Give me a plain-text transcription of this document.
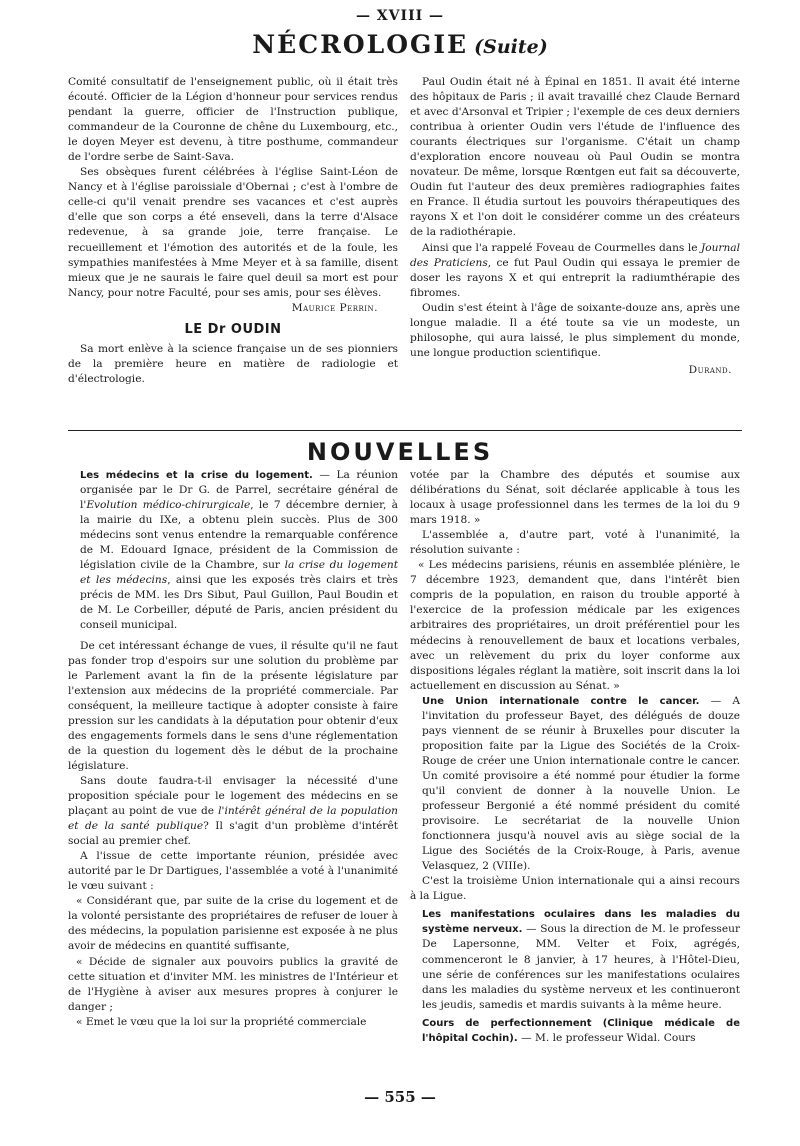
— XVIII —
NÉCROLOGIE (Suite)

Comité consultatif de l'enseignement public, où il était très écouté. Officier de la Légion d'honneur pour services rendus pendant la guerre, officier de l'Instruction publique, commandeur de la Couronne de chêne du Luxembourg, etc., le doyen Meyer est devenu, à titre posthume, commandeur de l'ordre serbe de Saint-Sava.

Ses obsèques furent célébrées à l'église Saint-Léon de Nancy et à l'église paroissiale d'Obernai ; c'est à l'ombre de celle-ci qu'il venait prendre ses vacances et c'est auprès d'elle que son corps a été enseveli, dans la terre d'Alsace redevenue, à sa grande joie, terre française. Le recueillement et l'émotion des autorités et de la foule, les sympathies manifestées à Mme Meyer et à sa famille, disent mieux que je ne saurais le faire quel deuil sa mort est pour Nancy, pour notre Faculté, pour ses amis, pour ses élèves.

Maurice Perrin.
LE Dr OUDIN

Sa mort enlève à la science française un de ses pionniers de la première heure en matière de radiologie et d'électrologie.

Paul Oudin était né à Épinal en 1851. Il avait été interne des hôpitaux de Paris ; il avait travaillé chez Claude Bernard et avec d'Arsonval et Tripier ; l'exemple de ces deux derniers contribua à orienter Oudin vers l'étude de l'influence des courants électriques sur l'organisme. C'était un champ d'exploration encore nouveau où Paul Oudin se montra novateur. De même, lorsque Rœntgen eut fait sa découverte, Oudin fut l'auteur des deux premières radiographies faites en France. Il étudia surtout les pouvoirs thérapeutiques des rayons X et l'on doit le considérer comme un des créateurs de la radiothérapie.

Ainsi que l'a rappelé Foveau de Courmelles dans le Journal des Praticiens, ce fut Paul Oudin qui essaya le premier de doser les rayons X et qui entreprit la radiumthérapie des fibromes.

Oudin s'est éteint à l'âge de soixante-douze ans, après une longue maladie. Il a été toute sa vie un modeste, un philosophe, qui aura laissé, le plus simplement du monde, une longue production scientifique.

Durand.
NOUVELLES

Les médecins et la crise du logement. — La réunion organisée par le Dr G. de Parrel, secrétaire général de l'Evolution médico-chirurgicale, le 7 décembre dernier, à la mairie du IXe, a obtenu plein succès. Plus de 300 médecins sont venus entendre la remarquable conférence de M. Edouard Ignace, président de la Commission de législation civile de la Chambre, sur la crise du logement et les médecins, ainsi que les exposés très clairs et très précis de MM. les Drs Sibut, Paul Guillon, Paul Boudin et de M. Le Corbeiller, député de Paris, ancien président du conseil municipal.

De cet intéressant échange de vues, il résulte qu'il ne faut pas fonder trop d'espoirs sur une solution du problème par le Parlement avant la fin de la présente législature par l'extension aux médecins de la propriété commerciale. Par conséquent, la meilleure tactique à adopter consiste à faire pression sur les candidats à la députation pour obtenir d'eux des engagements formels dans le sens d'une réglementation de la question du logement dès le début de la prochaine législature.

Sans doute faudra-t-il envisager la nécessité d'une proposition spéciale pour le logement des médecins en se plaçant au point de vue de l'intérêt général de la population et de la santé publique? Il s'agit d'un problème d'intérêt social au premier chef.

A l'issue de cette importante réunion, présidée avec autorité par le Dr Dartigues, l'assemblée a voté à l'unanimité le vœu suivant :

« Considérant que, par suite de la crise du logement et de la volonté persistante des propriétaires de refuser de louer à des médecins, la population parisienne est exposée à ne plus avoir de médecins en quantité suffisante,

« Décide de signaler aux pouvoirs publics la gravité de cette situation et d'inviter MM. les ministres de l'Intérieur et de l'Hygiène à aviser aux mesures propres à conjurer le danger ;

« Emet le vœu que la loi sur la propriété commerciale

votée par la Chambre des députés et soumise aux délibérations du Sénat, soit déclarée applicable à tous les locaux à usage professionnel dans les termes de la loi du 9 mars 1918. »

L'assemblée a, d'autre part, voté à l'unanimité, la résolution suivante :

« Les médecins parisiens, réunis en assemblée plénière, le 7 décembre 1923, demandent que, dans l'intérêt bien compris de la population, en raison du trouble apporté à l'exercice de la profession médicale par les exigences arbitraires des propriétaires, un droit préférentiel pour les médecins à renouvellement de baux et locations verbales, avec un relèvement du prix du loyer conforme aux dispositions légales réglant la matière, soit inscrit dans la loi actuellement en discussion au Sénat. »

Une Union internationale contre le cancer. — A l'invitation du professeur Bayet, des délégués de douze pays viennent de se réunir à Bruxelles pour discuter la proposition faite par la Ligue des Sociétés de la Croix-Rouge de créer une Union internationale contre le cancer. Un comité provisoire a été nommé pour étudier la forme qu'il convient de donner à la nouvelle Union. Le professeur Bergonié a été nommé président du comité provisoire. Le secrétariat de la nouvelle Union fonctionnera jusqu'à nouvel avis au siège social de la Ligue des Sociétés de la Croix-Rouge, à Paris, avenue Velasquez, 2 (VIIIe).

C'est la troisième Union internationale qui a ainsi recours à la Ligue.

Les manifestations oculaires dans les maladies du système nerveux. — Sous la direction de M. le professeur De Lapersonne, MM. Velter et Foix, agrégés, commenceront le 8 janvier, à 17 heures, à l'Hôtel-Dieu, une série de conférences sur les manifestations oculaires dans les maladies du système nerveux et les continueront les jeudis, samedis et mardis suivants à la même heure.

Cours de perfectionnement (Clinique médicale de l'hôpital Cochin). — M. le professeur Widal. Cours

— 555 —
